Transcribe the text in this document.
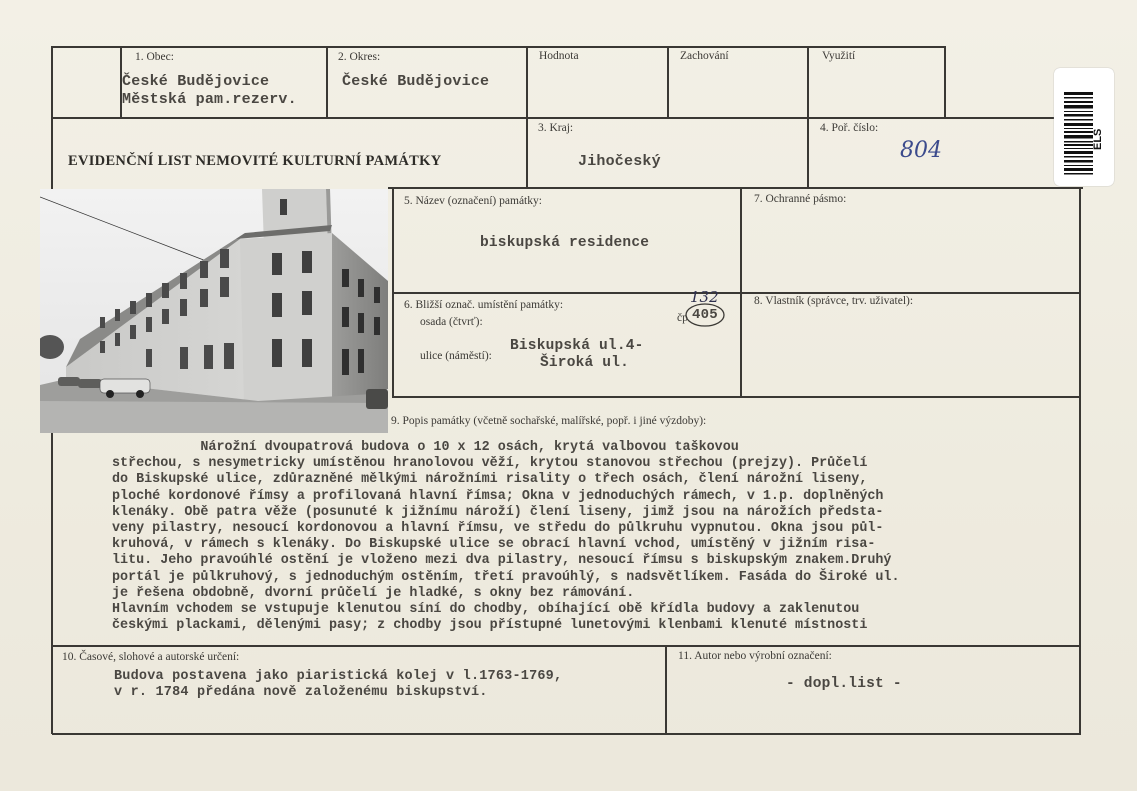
1. Obec:
České Budějovice
Městská pam.rezerv.
2. Okres:
České Budějovice
Hodnota	Zachování	Využití
EVIDENČNÍ LIST NEMOVITÉ KULTURNÍ PAMÁTKY
3. Kraj:
Jihočeský
4. Poř. číslo:
804	ELS
5. Název (označení) památky:
biskupská residence
7. Ochranné pásmo:
6. Bližší označ. umístění památky:
osada (čtvrť):	čp
132
405
ulice (náměstí):
Biskupská ul.4-
Široká ul.
8. Vlastník (správce, trv. uživatel):
9. Popis památky (včetně sochařské, malířské, popř. i jiné výzdoby):
Nárožní dvoupatrová budova o 10 x 12 osách, krytá valbovou taškovou
střechou, s nesymetricky umístěnou hranolovou věží, krytou stanovou střechou (prejzy). Průčelí
do Biskupské ulice, zdůrazněné mělkými nárožními risality o třech osách, člení nárožní liseny,
ploché kordonové římsy a profilovaná hlavní římsa; Okna v jednoduchých rámech, v 1.p. doplněných
klenáky. Obě patra věže (posunuté k jižnímu nároží) člení liseny, jimž jsou na nárožích předsta-
veny pilastry, nesoucí kordonovou a hlavní římsu, ve středu do půlkruhu vypnutou. Okna jsou půl-
kruhová, v rámech s klenáky. Do Biskupské ulice se obrací hlavní vchod, umístěný v jižním risa-
litu. Jeho pravoúhlé ostění je vloženo mezi dva pilastry, nesoucí římsu s biskupským znakem.Druhý
portál je půlkruhový, s jednoduchým ostěním, třetí pravoúhlý, s nadsvětlíkem. Fasáda do Široké ul.
je řešena obdobně, dvorní průčelí je hladké, s okny bez rámování.
Hlavním vchodem se vstupuje klenutou síní do chodby, obíhající obě křídla budovy a zaklenutou
českými plackami, dělenými pasy; z chodby jsou přístupné lunetovými klenbami klenuté místnosti
10. Časové, slohové a autorské určení:
Budova postavena jako piaristická kolej v l.1763-1769,
v r. 1784 předána nově založenému biskupství.
11. Autor nebo výrobní označení:
- dopl.list -
